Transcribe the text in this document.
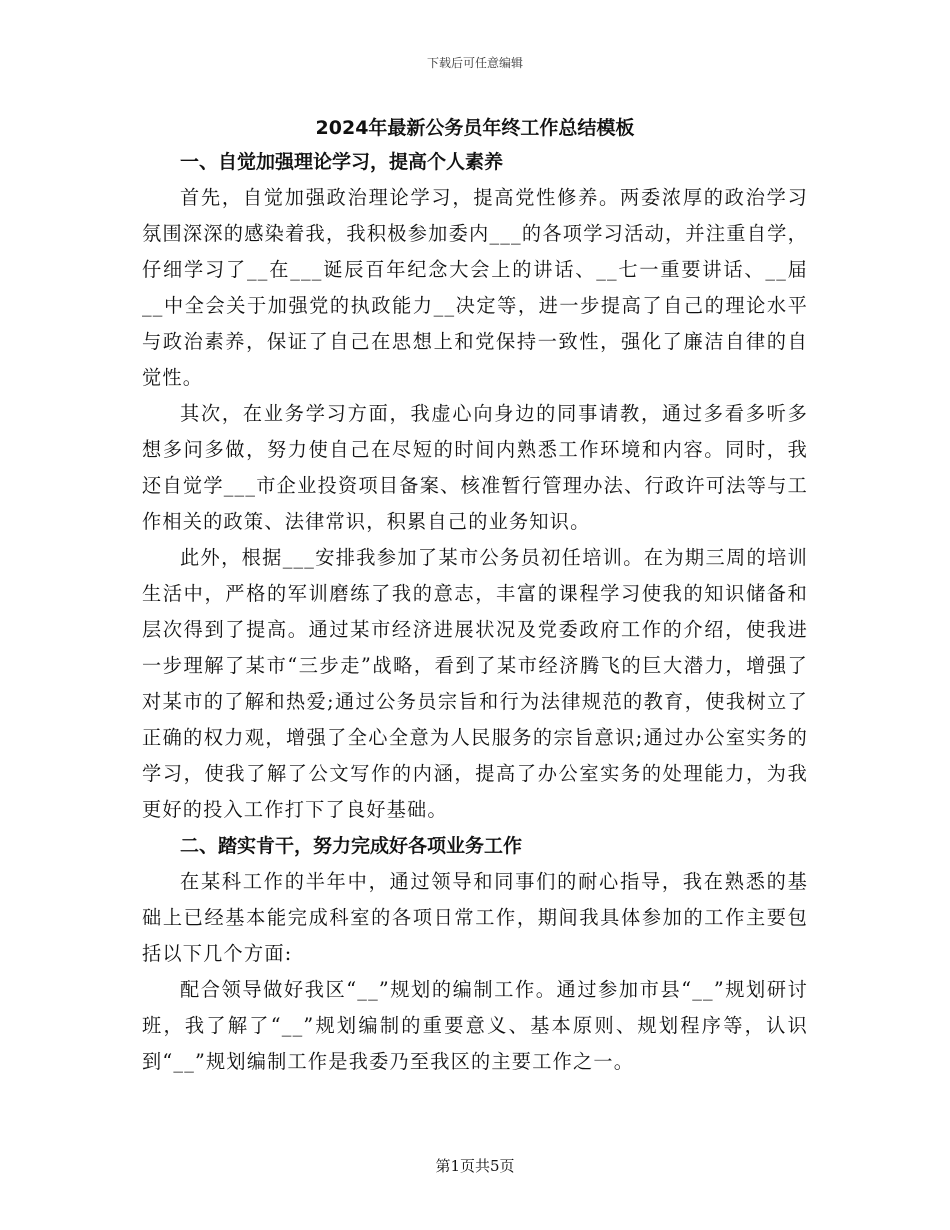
下载后可任意编辑
2024年最新公务员年终工作总结模板

一、自觉加强理论学习，提高个人素养

首先，自觉加强政治理论学习，提高党性修养。两委浓厚的政治学习氛围深深的感染着我，我积极参加委内___的各项学习活动，并注重自学，仔细学习了__在___诞辰百年纪念大会上的讲话、__七一重要讲话、__届__中全会关于加强党的执政能力__决定等，进一步提高了自己的理论水平与政治素养，保证了自己在思想上和党保持一致性，强化了廉洁自律的自觉性。

其次，在业务学习方面，我虚心向身边的同事请教，通过多看多听多想多问多做，努力使自己在尽短的时间内熟悉工作环境和内容。同时，我还自觉学___市企业投资项目备案、核准暂行管理办法、行政许可法等与工作相关的政策、法律常识，积累自己的业务知识。

此外，根据___安排我参加了某市公务员初任培训。在为期三周的培训生活中，严格的军训磨练了我的意志，丰富的课程学习使我的知识储备和层次得到了提高。通过某市经济进展状况及党委政府工作的介绍，使我进一步理解了某市“三步走”战略，看到了某市经济腾飞的巨大潜力，增强了对某市的了解和热爱;通过公务员宗旨和行为法律规范的教育，使我树立了正确的权力观，增强了全心全意为人民服务的宗旨意识;通过办公室实务的学习，使我了解了公文写作的内涵，提高了办公室实务的处理能力，为我更好的投入工作打下了良好基础。

二、踏实肯干，努力完成好各项业务工作

在某科工作的半年中，通过领导和同事们的耐心指导，我在熟悉的基础上已经基本能完成科室的各项日常工作，期间我具体参加的工作主要包括以下几个方面:

配合领导做好我区“__”规划的编制工作。通过参加市县“__”规划研讨班，我了解了“__”规划编制的重要意义、基本原则、规划程序等，认识到“__”规划编制工作是我委乃至我区的主要工作之一。

第1页共5页
